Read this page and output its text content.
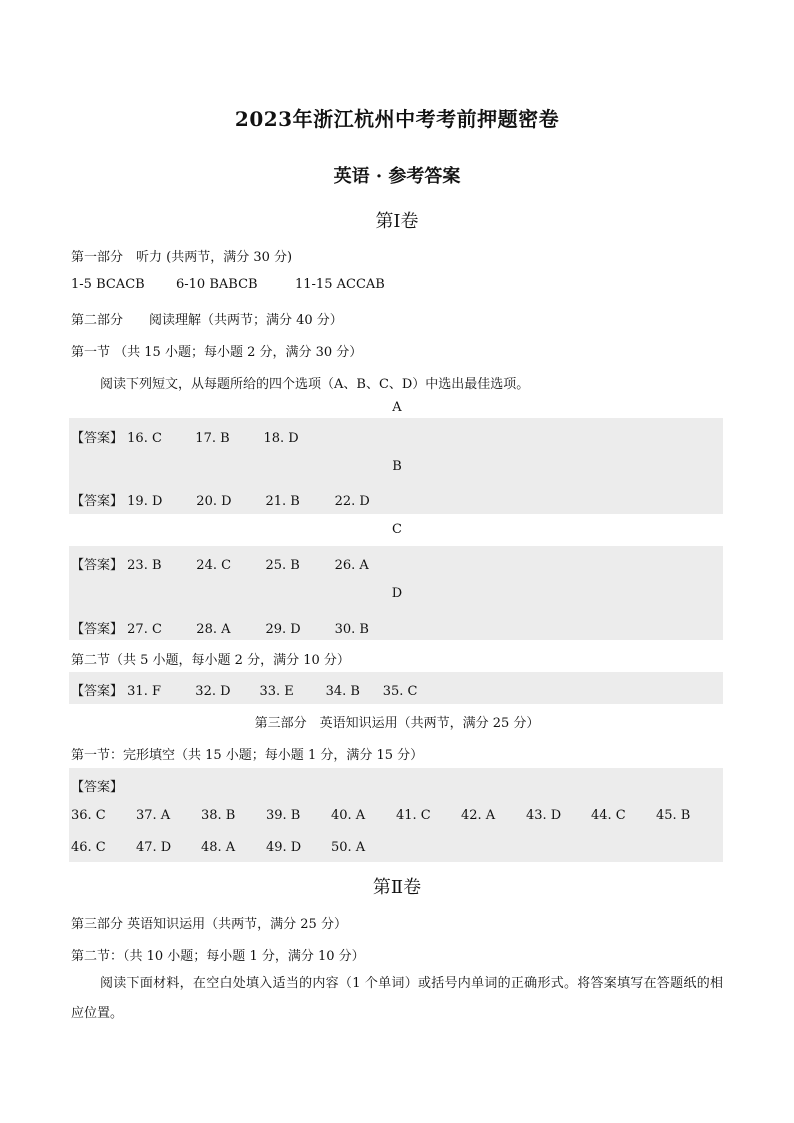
2023年浙江杭州中考考前押题密卷
英语 · 参考答案
第Ⅰ卷
第一部分　听力 (共两节，满分 30 分)
1-5 BCACB 6-10 BABCB	11-15 ACCAB
第二部分　　阅读理解（共两节；满分 40 分）
第一节 （共 15 小题；每小题 2 分，满分 30 分）
阅读下列短文，从每题所给的四个选项（A、B、C、D）中选出最佳选项。
A
【答案】 16. C	17. B	18. D
B
【答案】 19. D	20. D	21. B	22. D
C
【答案】 23. B	24. C	25. B	26. A
D
【答案】 27. C	28. A	29. D	30. B
第二节（共 5 小题，每小题 2 分，满分 10 分）
【答案】 31. F	32. D 33. E 34. B 35. C
第三部分　英语知识运用（共两节，满分 25 分）
第一节：完形填空（共 15 小题；每小题 1 分，满分 15 分）
【答案】
36. C	37. A	38. B	39. B	40. A	41. C	42. A	43. D	44. C	45. B
46. C	47. D	48. A	49. D	50. A
第Ⅱ卷
第三部分 英语知识运用（共两节，满分 25 分）
第二节：（共 10 小题；每小题 1 分，满分 10 分）
阅读下面材料，在空白处填入适当的内容（1 个单词）或括号内单词的正确形式。将答案填写在答题纸的相应位置。
